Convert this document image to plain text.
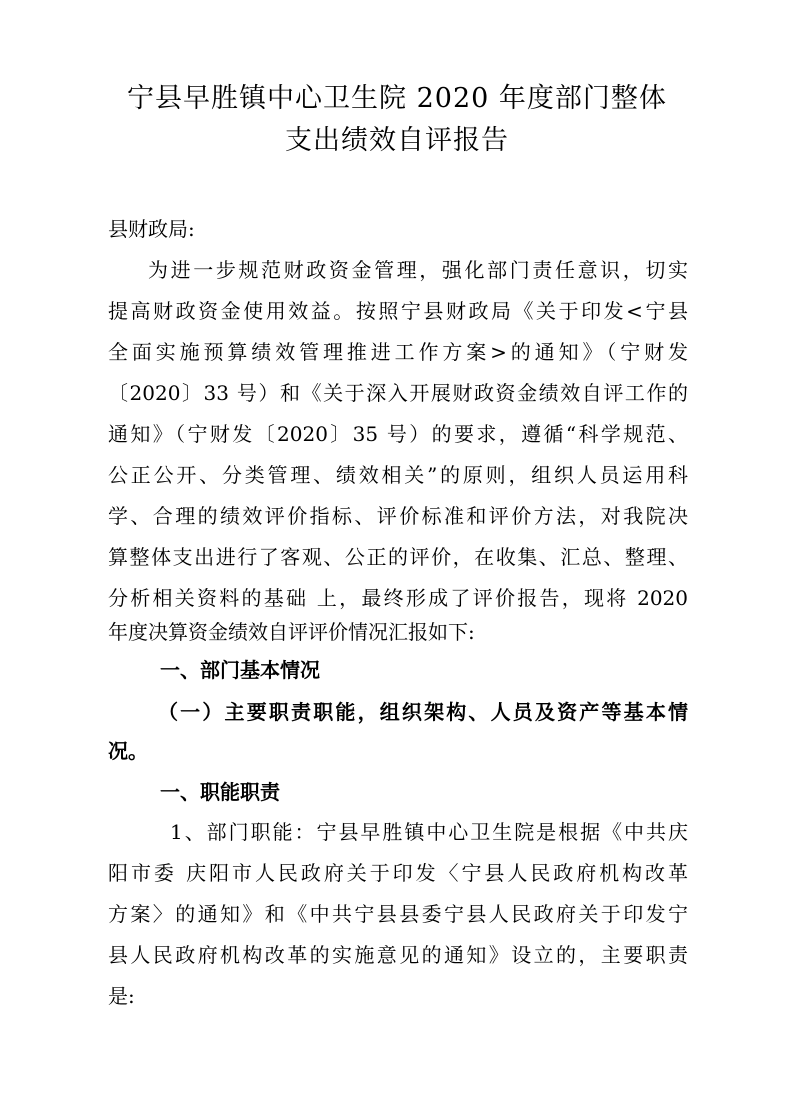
宁县早胜镇中心卫生院 2020 年度部门整体
支出绩效自评报告
县财政局:
为进一步规范财政资金管理，强化部门责任意识，切实
提高财政资金使用效益。按照宁县财政局《关于印发<宁县
全面实施预算绩效管理推进工作方案>的通知》（宁财发
〔2020〕33 号）和《关于深入开展财政资金绩效自评工作的
通知》（宁财发〔2020〕35 号）的要求，遵循“科学规范、
公正公开、分类管理、绩效相关”的原则，组织人员运用科
学、合理的绩效评价指标、评价标准和评价方法，对我院决
算整体支出进行了客观、公正的评价，在收集、汇总、整理、
分析相关资料的基础 上，最终形成了评价报告，现将 2020
年度决算资金绩效自评评价情况汇报如下:
一、部门基本情况
（一）主要职责职能，组织架构、人员及资产等基本情
况。
一、职能职责
1、部门职能：宁县早胜镇中心卫生院是根据《中共庆
阳市委 庆阳市人民政府关于印发〈宁县人民政府机构改革
方案〉的通知》和《中共宁县县委宁县人民政府关于印发宁
县人民政府机构改革的实施意见的通知》设立的，主要职责
是:
